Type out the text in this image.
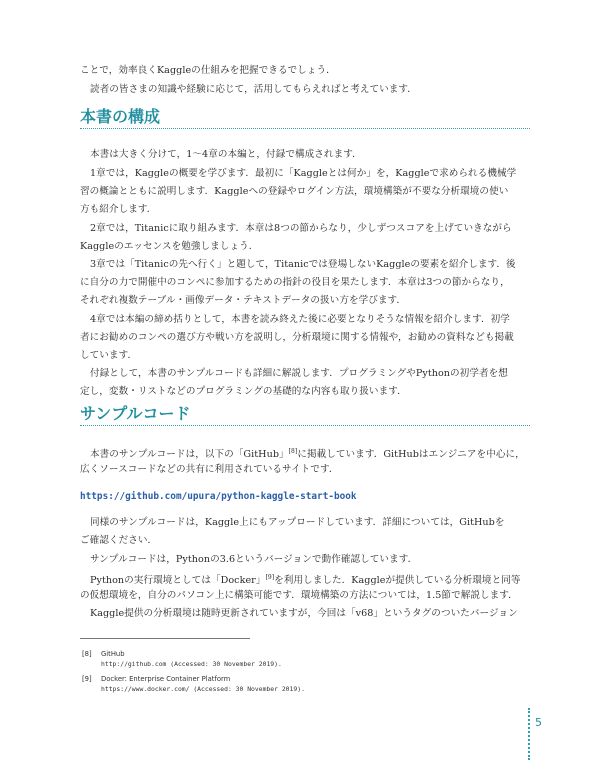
ことで，効率良くKaggleの仕組みを把握できるでしょう．

読者の皆さまの知識や経験に応じて，活用してもらえればと考えています．

本書の構成

本書は大きく分けて，1〜4章の本編と，付録で構成されます．

1章では，Kaggleの概要を学びます．最初に「Kaggleとは何か」を，Kaggleで求められる機械学

習の概論とともに説明します．Kaggleへの登録やログイン方法，環境構築が不要な分析環境の使い

方も紹介します．

2章では，Titanicに取り組みます．本章は8つの節からなり，少しずつスコアを上げていきながら

Kaggleのエッセンスを勉強しましょう．

3章では「Titanicの先へ行く」と題して，Titanicでは登場しないKaggleの要素を紹介します．後

に自分の力で開催中のコンペに参加するための指針の役目を果たします．本章は3つの節からなり，

それぞれ複数テーブル・画像データ・テキストデータの扱い方を学びます．

4章では本編の締め括りとして，本書を読み終えた後に必要となりそうな情報を紹介します．初学

者にお勧めのコンペの選び方や戦い方を説明し，分析環境に関する情報や，お勧めの資料なども掲載

しています．

付録として，本書のサンプルコードも詳細に解説します．プログラミングやPythonの初学者を想

定し，変数・リストなどのプログラミングの基礎的な内容も取り扱います．

サンプルコード

本書のサンプルコードは，以下の「GitHub」[8]に掲載しています．GitHubはエンジニアを中心に，

広くソースコードなどの共有に利用されているサイトです．

https://github.com/upura/python-kaggle-start-book

同様のサンプルコードは，Kaggle上にもアップロードしています．詳細については，GitHubを

ご確認ください．

サンプルコードは，Pythonの3.6というバージョンで動作確認しています．

Pythonの実行環境としては「Docker」[9]を利用しました．Kaggleが提供している分析環境と同等

の仮想環境を，自分のパソコン上に構築可能です．環境構築の方法については，1.5節で解説します．

Kaggle提供の分析環境は随時更新されていますが，今回は「v68」というタグのついたバージョン

[8] GitHub

http://github.com (Accessed: 30 November 2019).

[9] Docker: Enterprise Container Platform

https://www.docker.com/ (Accessed: 30 November 2019).

5
